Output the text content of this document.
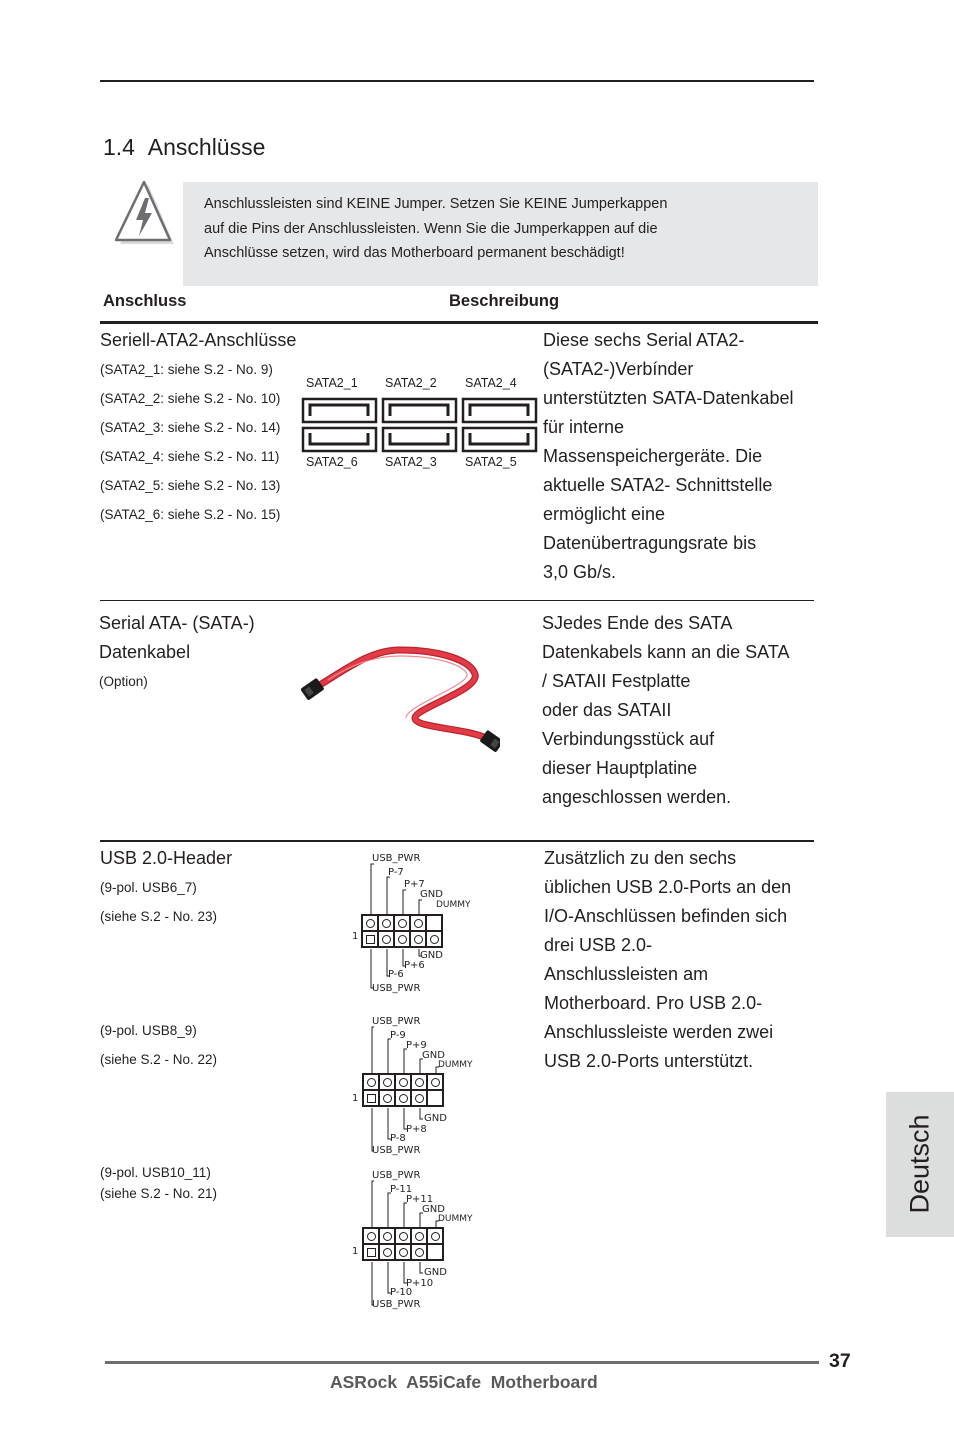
1.4 Anschlüsse
Anschlussleisten sind KEINE Jumper. Setzen Sie KEINE Jumperkappen
auf die Pins der Anschlussleisten. Wenn Sie die Jumperkappen auf die
Anschlüsse setzen, wird das Motherboard permanent beschädigt!
Anschluss	Beschreibung
Seriell-ATA2-Anschlüsse
(SATA2_1: siehe S.2 - No. 9)
(SATA2_2: siehe S.2 - No. 10)
(SATA2_3: siehe S.2 - No. 14)
(SATA2_4: siehe S.2 - No. 11)
(SATA2_5: siehe S.2 - No. 13)
(SATA2_6: siehe S.2 - No. 15)
SATA2_1 SATA2_2 SATA2_4
SATA2_6 SATA2_3 SATA2_5
Diese sechs Serial ATA2-
(SATA2-)Verbínder
unterstützten SATA-Datenkabel
für interne
Massenspeichergeräte. Die
aktuelle SATA2- Schnittstelle
ermöglicht eine
Datenübertragungsrate bis
3,0 Gb/s.
Serial ATA- (SATA-)
Datenkabel
(Option)
SJedes Ende des SATA
Datenkabels kann an die SATA
/ SATAII Festplatte
oder das SATAII
Verbindungsstück auf
dieser Hauptplatine
angeschlossen werden.
USB 2.0-Header
(9-pol. USB6_7)
(siehe S.2 - No. 23)
(9-pol. USB8_9)
(siehe S.2 - No. 22)
(9-pol. USB10_11)
(siehe S.2 - No. 21)
USB_PWR
P-7
P+7
GND
DUMMY
1
GND
P+6
P-6
USB_PWR
USB_PWR
P-9
P+9
GND
DUMMY
1
GND
P+8
P-8
USB_PWR
USB_PWR
P-11
P+11
GND
DUMMY
1
GND
P+10
P-10
USB_PWR
Zusätzlich zu den sechs
üblichen USB 2.0-Ports an den
I/O-Anschlüssen befinden sich
drei USB 2.0-
Anschlussleisten am
Motherboard. Pro USB 2.0-
Anschlussleiste werden zwei
USB 2.0-Ports unterstützt.
Deutsch
37
ASRock  A55iCafe  Motherboard
